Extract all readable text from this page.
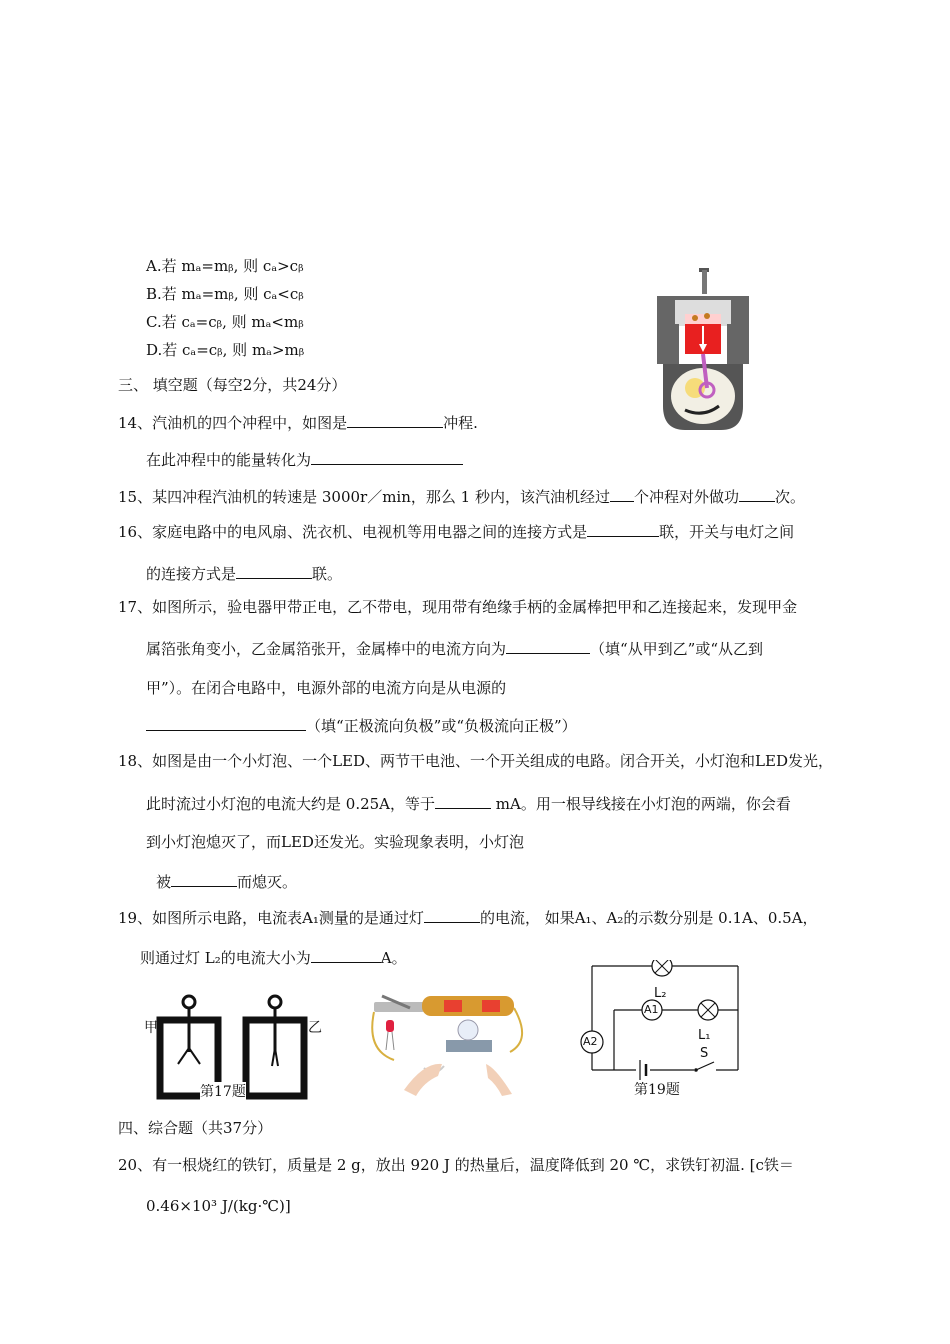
A.若 mₐ=mᵦ, 则 cₐ>cᵦ
B.若 mₐ=mᵦ, 则 cₐ<cᵦ
C.若 cₐ=cᵦ, 则 mₐ<mᵦ
D.若 cₐ=cᵦ, 则 mₐ>mᵦ
三、 填空题（每空2分，共24分）
14、汽油机的四个冲程中，如图是	冲程.
在此冲程中的能量转化为
15、某四冲程汽油机的转速是 3000r／min，那么 1 秒内，该汽油机经过 个冲程对外做功 次。
16、家庭电路中的电风扇、洗衣机、电视机等用电器之间的连接方式是	联，开关与电灯之间
的连接方式是	联。
17、如图所示，验电器甲带正电，乙不带电，现用带有绝缘手柄的金属棒把甲和乙连接起来，发现甲金
属箔张角变小，乙金属箔张开，金属棒中的电流方向为	（填“从甲到乙”或“从乙到
甲”）。在闭合电路中，电源外部的电流方向是从电源的
（填“正极流向负极”或“负极流向正极”）
18、如图是由一个小灯泡、一个LED、两节干电池、一个开关组成的电路。闭合开关，小灯泡和LED发光，
此时流过小灯泡的电流大约是 0.25A，等于	mA。用一根导线接在小灯泡的两端，你会看
到小灯泡熄灭了，而LED还发光。实验现象表明，小灯泡
被	而熄灭。
19、如图所示电路，电流表A₁测量的是通过灯	的电流， 如果A₁、A₂的示数分别是 0.1A、0.5A，
则通过灯 L₂的电流大小为	A。
甲	乙
第17题
L₂
A1
L₁
A2
S
第19题
四、综合题（共37分）
20、有一根烧红的铁钉，质量是 2 g，放出 920 J 的热量后，温度降低到 20 ℃，求铁钉初温. [c铁＝
0.46×10³ J/(kg·℃)]
